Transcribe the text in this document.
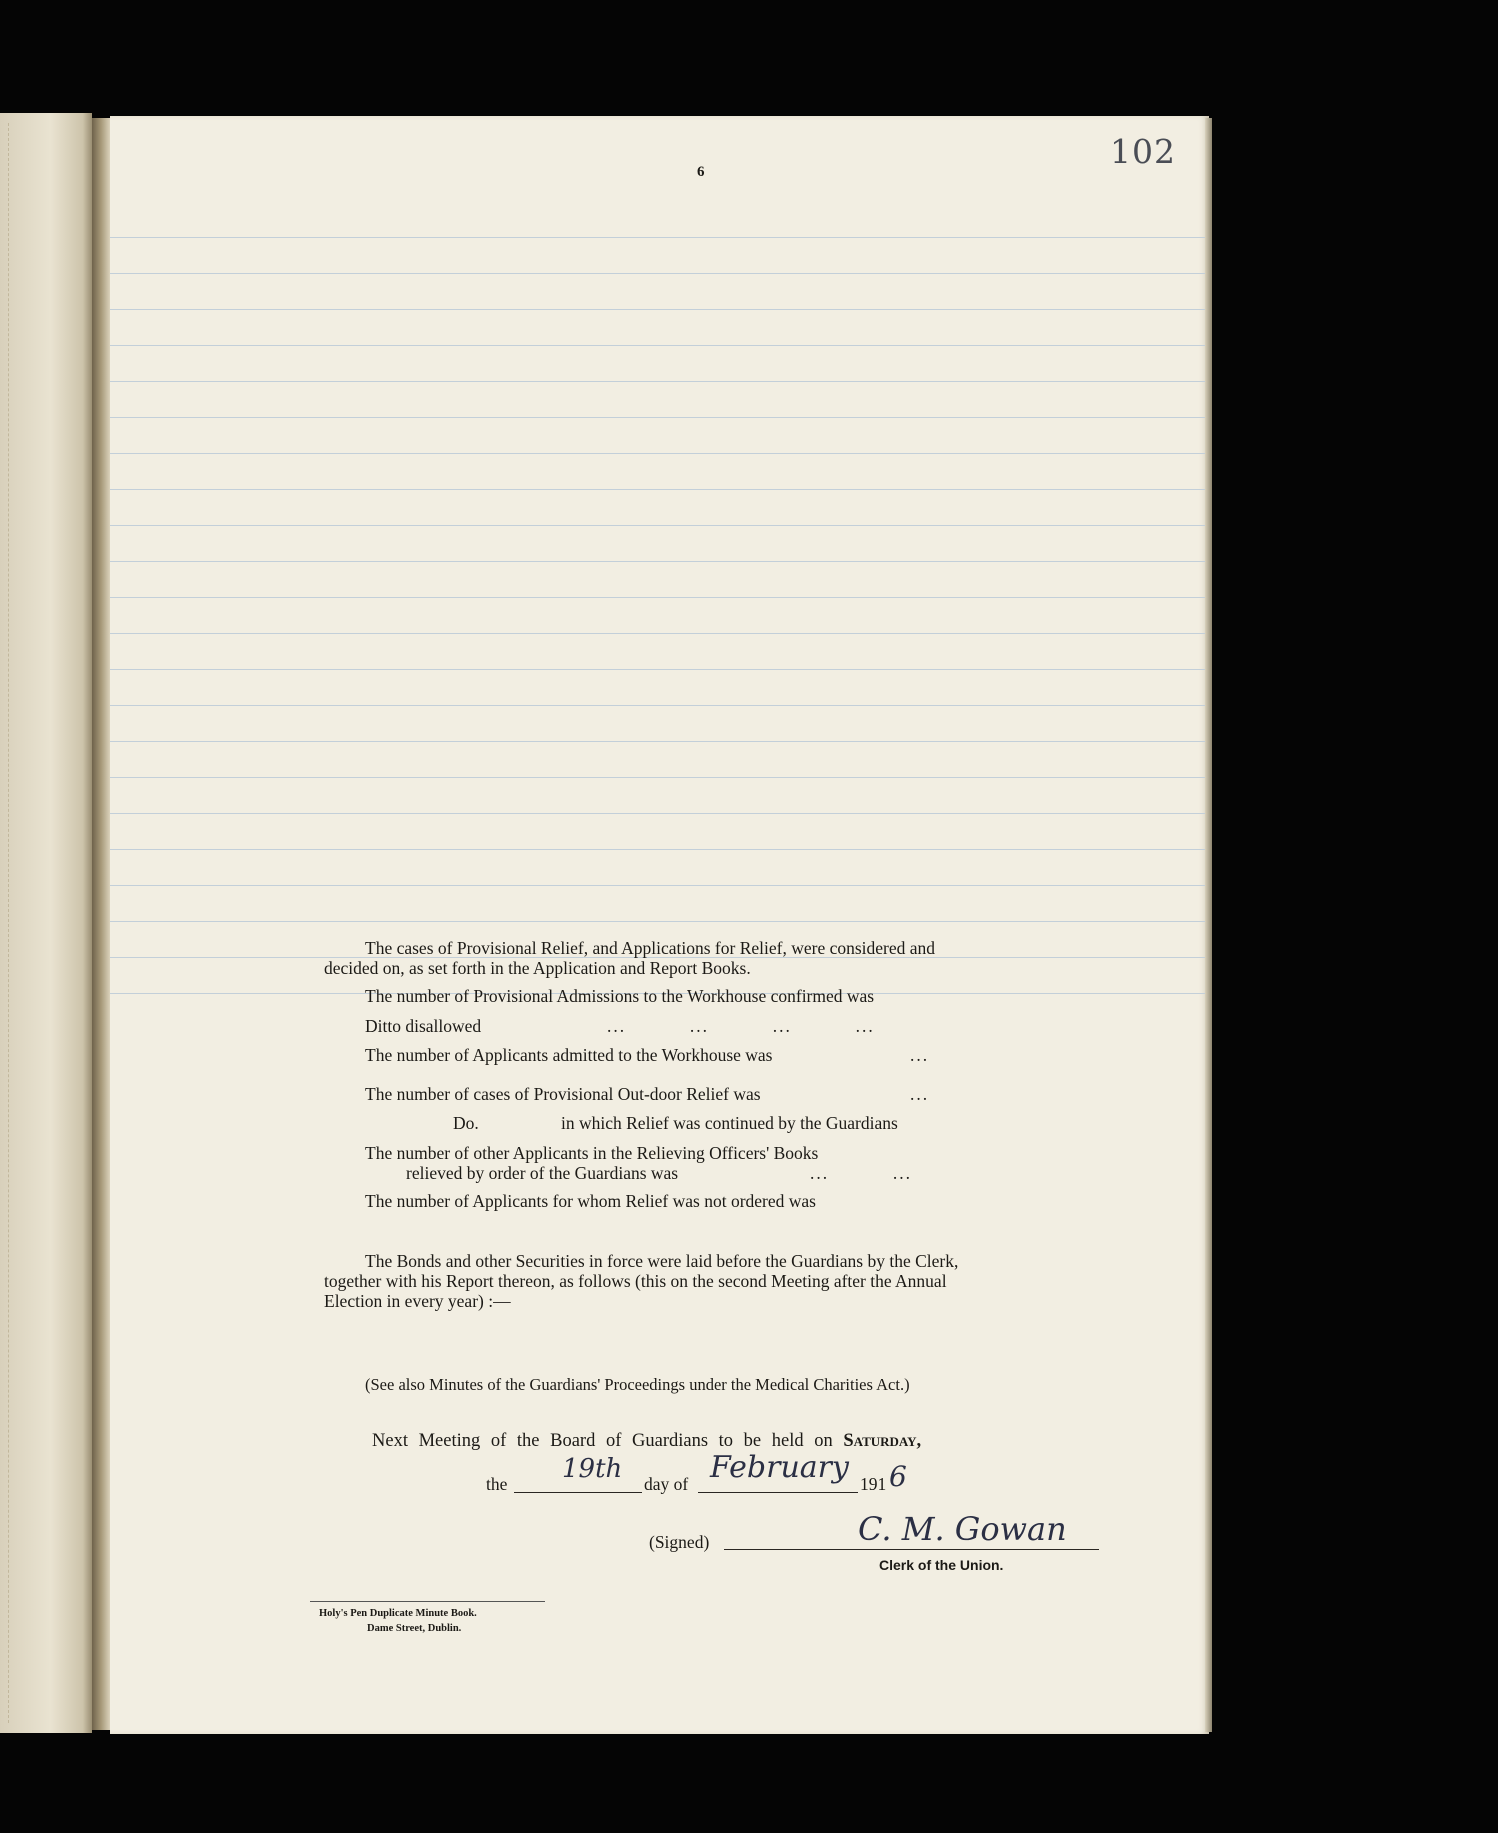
6
102
The cases of Provisional Relief, and Applications for Relief, were considered and
decided on, as set forth in the Application and Report Books.
The number of Provisional Admissions to the Workhouse confirmed was
Ditto disallowed	...          ...          ...          ...
The number of Applicants admitted to the Workhouse was	...
The number of cases of Provisional Out-door Relief was	...
Do.	in which Relief was continued by the Guardians
The number of other Applicants in the Relieving Officers' Books
relieved by order of the Guardians was	...          ...
The number of Applicants for whom Relief was not ordered was
The Bonds and other Securities in force were laid before the Guardians by the Clerk,
together with his Report thereon, as follows (this on the second Meeting after the Annual
Election in every year) :—
(See also Minutes of the Guardians' Proceedings under the Medical Charities Act.)
Next Meeting of the Board of Guardians to be held on Saturday,
the 19th day of February 191 6
(Signed)	C. M. Gowan
Clerk of the Union.
Holy's Pen Duplicate Minute Book.
Dame Street, Dublin.
